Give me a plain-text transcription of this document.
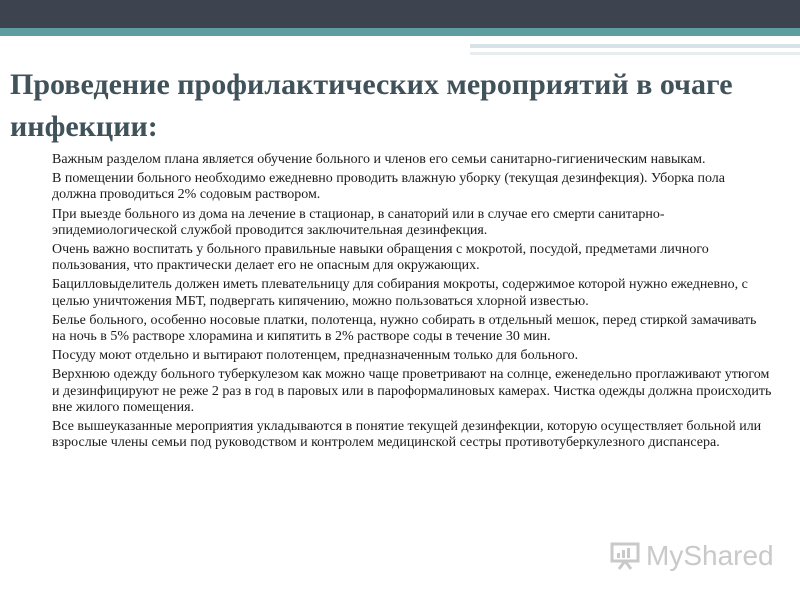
Проведение профилактических мероприятий в очаге инфекции:
Важным разделом плана является обучение больного и членов его семьи санитарно-гигиеническим навыкам.
В помещении больного необходимо ежедневно проводить влажную уборку (текущая дезинфекция). Уборка пола должна проводиться 2% содовым раствором.
При выезде больного из дома на лечение в стационар, в санаторий или в случае его смерти санитарно-эпидемиологической службой проводится заключительная дезинфекция.
Очень важно воспитать у больного правильные навыки обращения с мокротой, посудой, предметами личного пользования, что практически делает его не опасным для окружающих.
Бацилловыделитель должен иметь плевательницу для собирания мокроты, содержимое которой нужно ежедневно, с целью уничтожения МБТ, подвергать кипячению, можно пользоваться хлорной известью.
Белье больного, особенно носовые платки, полотенца, нужно собирать в отдельный мешок, перед стиркой замачивать на ночь в 5% растворе хлорамина и кипятить в 2% растворе соды в течение 30 мин.
Посуду моют отдельно и вытирают полотенцем, предназначенным только для больного.
Верхнюю одежду больного туберкулезом как можно чаще проветривают на солнце, еженедельно проглаживают утюгом и дезинфицируют не реже 2 раз в год в паровых или в пароформалиновых камерах. Чистка одежды должна происходить вне жилого помещения.
Все вышеуказанные мероприятия укладываются в понятие текущей дезинфекции, которую осуществляет больной или взрослые члены семьи под руководством и контролем медицинской сестры противотуберкулезного диспансера.
MyShared
